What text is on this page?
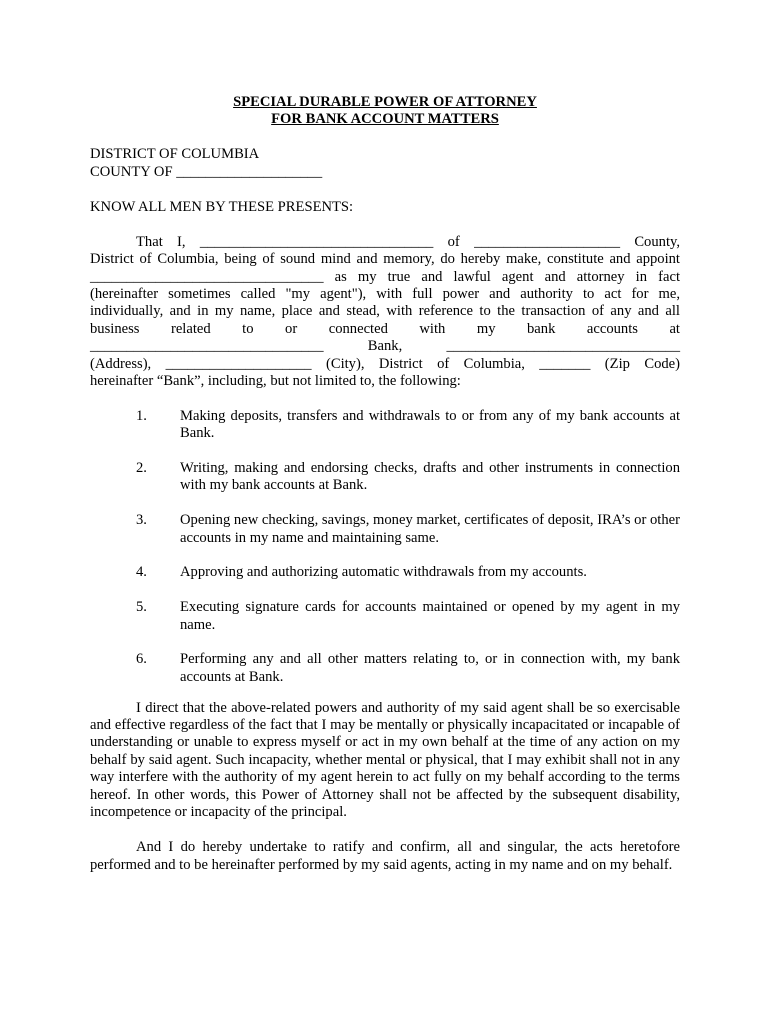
SPECIAL DURABLE POWER OF ATTORNEY

FOR BANK ACCOUNT MATTERS

DISTRICT OF COLUMBIA

COUNTY OF ____________________

KNOW ALL MEN BY THESE PRESENTS:

That I, ________________________________ of ____________________ County,

District of Columbia, being of sound mind and memory, do hereby make, constitute and appoint

________________________________ as my true and lawful agent and attorney in fact

(hereinafter sometimes called "my agent"), with full power and authority to act for me,

individually, and in my name, place and stead, with reference to the transaction of any and all

business related to or connected with my bank accounts at

________________________________ Bank, ________________________________

(Address), ____________________ (City), District of Columbia, _______ (Zip Code)

hereinafter “Bank”, including, but not limited to, the following:

1.	Making deposits, transfers and withdrawals to or from any of my bank accounts at Bank.
2.	Writing, making and endorsing checks, drafts and other instruments in connection with my bank accounts at Bank.
3.	Opening new checking, savings, money market, certificates of deposit, IRA’s or other accounts in my name and maintaining same.
4.	Approving and authorizing automatic withdrawals from my accounts.
5.	Executing signature cards for accounts maintained or opened by my agent in my name.
6.	Performing any and all other matters relating to, or in connection with, my bank accounts at Bank.

I direct that the above-related powers and authority of my said agent shall be so exercisable and effective regardless of the fact that I may be mentally or physically incapacitated or incapable of understanding or unable to express myself or act in my own behalf at the time of any action on my behalf by said agent. Such incapacity, whether mental or physical, that I may exhibit shall not in any way interfere with the authority of my agent herein to act fully on my behalf according to the terms hereof. In other words, this Power of Attorney shall not be affected by the subsequent disability, incompetence or incapacity of the principal.

And I do hereby undertake to ratify and confirm, all and singular, the acts heretofore performed and to be hereinafter performed by my said agents, acting in my name and on my behalf.
